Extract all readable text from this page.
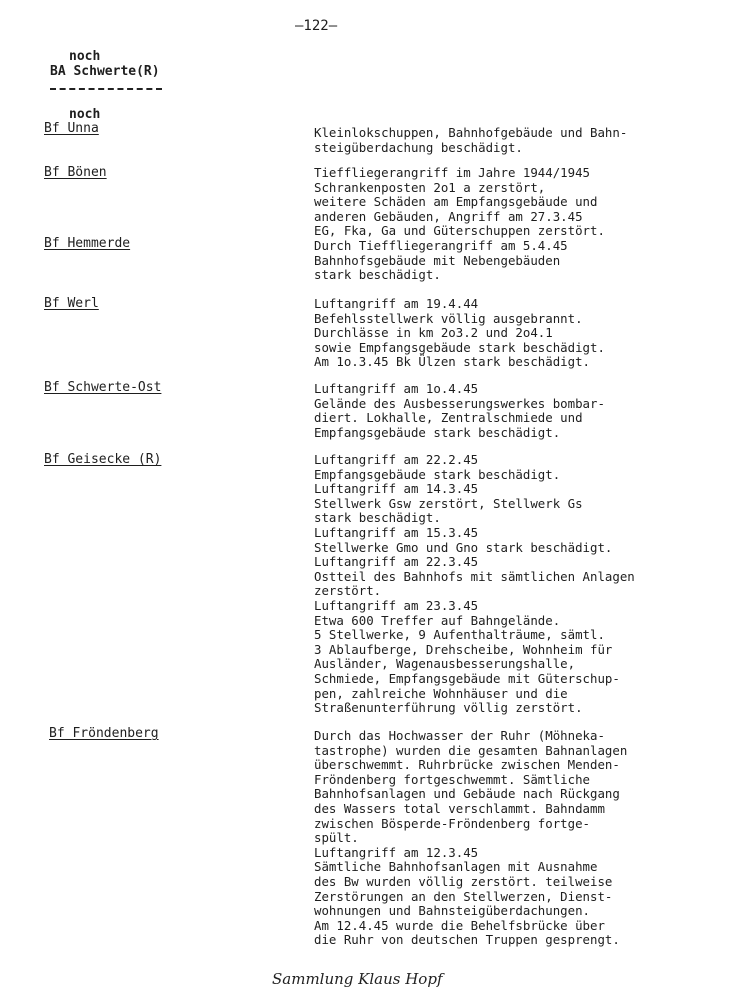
—122—
noch
BA Schwerte(R)
noch
Bf Unna	Kleinlokschuppen, Bahnhofgebäude und Bahn-
steigüberdachung beschädigt.
Bf Bönen	Tieffliegerangriff im Jahre 1944/1945
Schrankenposten 2o1 a zerstört,
weitere Schäden am Empfangsgebäude und
anderen Gebäuden, Angriff am 27.3.45
EG, Fka, Ga und Güterschuppen zerstört.
Bf Hemmerde	Durch Tieffliegerangriff am 5.4.45
Bahnhofsgebäude mit Nebengebäuden
stark beschädigt.
Bf Werl	Luftangriff am 19.4.44
Befehlsstellwerk völlig ausgebrannt.
Durchlässe in km 2o3.2 und 2o4.1
sowie Empfangsgebäude stark beschädigt.
Am 1o.3.45 Bk Ülzen stark beschädigt.
Bf Schwerte-Ost	Luftangriff am 1o.4.45
Gelände des Ausbesserungswerkes bombar-
diert. Lokhalle, Zentralschmiede und
Empfangsgebäude stark beschädigt.
Bf Geisecke (R)	Luftangriff am 22.2.45
Empfangsgebäude stark beschädigt.
Luftangriff am 14.3.45
Stellwerk Gsw zerstört, Stellwerk Gs
stark beschädigt.
Luftangriff am 15.3.45
Stellwerke Gmo und Gno stark beschädigt.
Luftangriff am 22.3.45
Ostteil des Bahnhofs mit sämtlichen Anlagen
zerstört.
Luftangriff am 23.3.45
Etwa 600 Treffer auf Bahngelände.
5 Stellwerke, 9 Aufenthalträume, sämtl.
3 Ablaufberge, Drehscheibe, Wohnheim für
Ausländer, Wagenausbesserungshalle,
Schmiede, Empfangsgebäude mit Güterschup-
pen, zahlreiche Wohnhäuser und die
Straßenunterführung völlig zerstört.
Bf Fröndenberg	Durch das Hochwasser der Ruhr (Möhneka-
tastrophe) wurden die gesamten Bahnanlagen
überschwemmt. Ruhrbrücke zwischen Menden-
Fröndenberg fortgeschwemmt. Sämtliche
Bahnhofsanlagen und Gebäude nach Rückgang
des Wassers total verschlammt. Bahndamm
zwischen Bösperde-Fröndenberg fortge-
spült.
Luftangriff am 12.3.45
Sämtliche Bahnhofsanlagen mit Ausnahme
des Bw wurden völlig zerstört. teilweise
Zerstörungen an den Stellwerzen, Dienst-
wohnungen und Bahnsteigüberdachungen.
Am 12.4.45 wurde die Behelfsbrücke über
die Ruhr von deutschen Truppen gesprengt.
Sammlung Klaus Hopf
